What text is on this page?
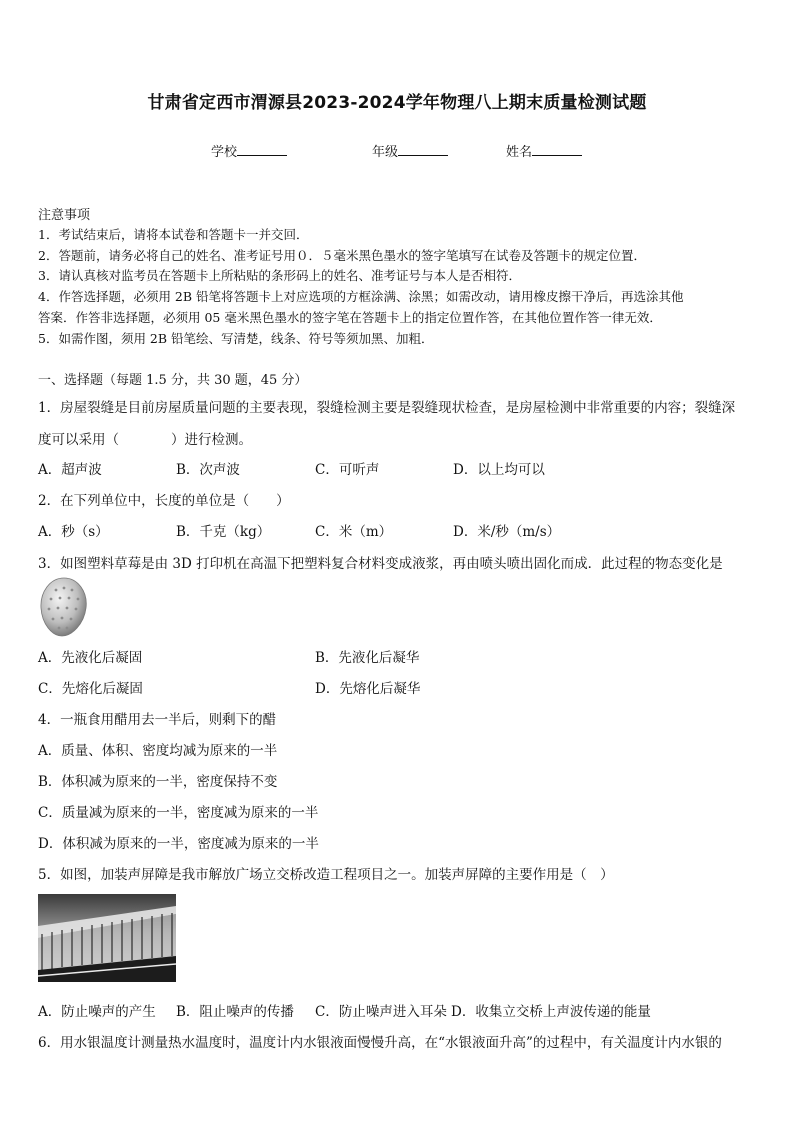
甘肃省定西市渭源县2023-2024学年物理八上期末质量检测试题
学校	年级	姓名
注意事项
1．考试结束后，请将本试卷和答题卡一并交回．
2．答题前，请务必将自己的姓名、准考证号用０．５毫米黑色墨水的签字笔填写在试卷及答题卡的规定位置．
3．请认真核对监考员在答题卡上所粘贴的条形码上的姓名、准考证号与本人是否相符．
4．作答选择题，必须用 2B 铅笔将答题卡上对应选项的方框涂满、涂黑；如需改动，请用橡皮擦干净后，再选涂其他
答案．作答非选择题，必须用 05 毫米黑色墨水的签字笔在答题卡上的指定位置作答，在其他位置作答一律无效．
5．如需作图，须用 2B 铅笔绘、写清楚，线条、符号等须加黑、加粗．
一、选择题（每题 1.5 分，共 30 题，45 分）
1．房屋裂缝是目前房屋质量问题的主要表现，裂缝检测主要是裂缝现状检查，是房屋检测中非常重要的内容；裂缝深
度可以采用（	）进行检测。
A．超声波	B．次声波	C．可听声	D．以上均可以
2．在下列单位中，长度的单位是（　　）
A．秒（s）	B．千克（kg）	C．米（m）	D．米/秒（m/s）
3．如图塑料草莓是由 3D 打印机在高温下把塑料复合材料变成液浆，再由喷头喷出固化而成．此过程的物态变化是
A．先液化后凝固	B．先液化后凝华
C．先熔化后凝固	D．先熔化后凝华
4．一瓶食用醋用去一半后，则剩下的醋
A．质量、体积、密度均减为原来的一半
B．体积减为原来的一半，密度保持不变
C．质量减为原来的一半，密度减为原来的一半
D．体积减为原来的一半，密度减为原来的一半
5．如图，加装声屏障是我市解放广场立交桥改造工程项目之一。加装声屏障的主要作用是（　）
A．防止噪声的产生 B．阻止噪声的传播 C．防止噪声进入耳朵 D．收集立交桥上声波传递的能量
6．用水银温度计测量热水温度时，温度计内水银液面慢慢升高，在“水银液面升高”的过程中，有关温度计内水银的
